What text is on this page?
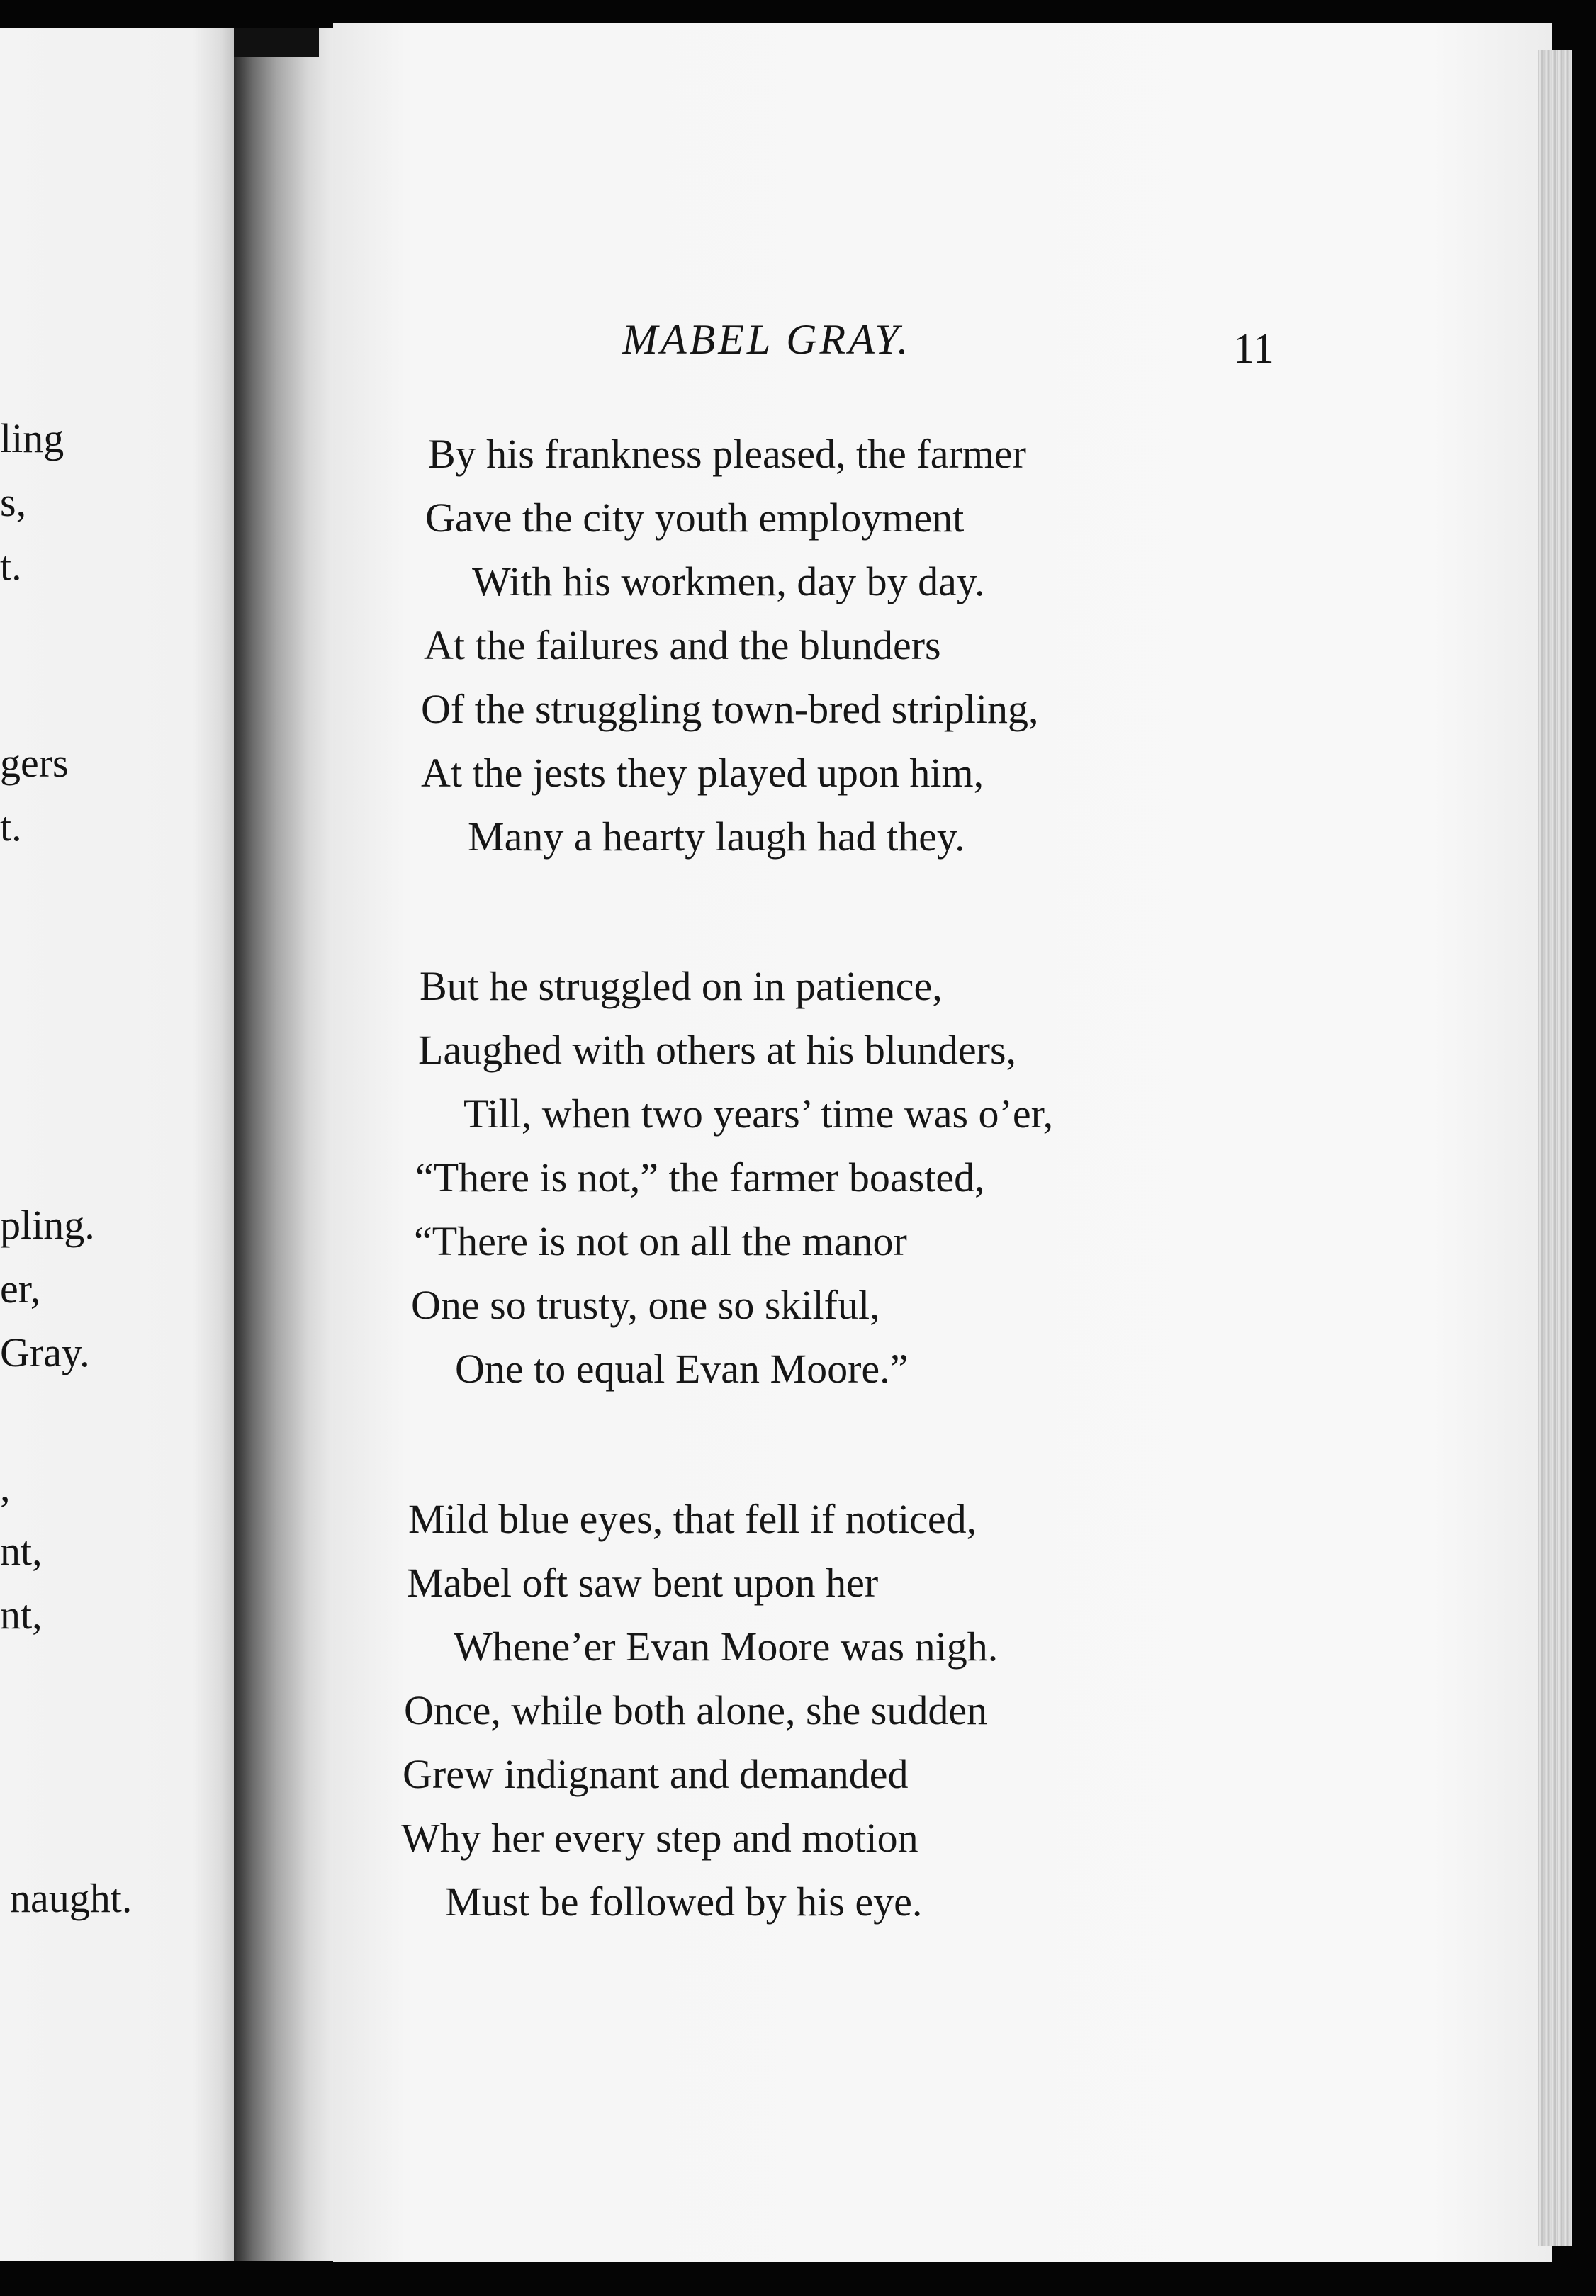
ling
s,
t.
gers
t.
pling.
er,
Gray.
,
nt,
nt,
naught.
MABEL GRAY.	11
By his frankness pleased, the farmer
Gave the city youth employment
With his workmen, day by day.
At the failures and the blunders
Of the struggling town-bred stripling,
At the jests they played upon him,
Many a hearty laugh had they.
But he struggled on in patience,
Laughed with others at his blunders,
Till, when two years’ time was o’er,
“There is not,” the farmer boasted,
“There is not on all the manor
One so trusty, one so skilful,
One to equal Evan Moore.”
Mild blue eyes, that fell if noticed,
Mabel oft saw bent upon her
Whene’er Evan Moore was nigh.
Once, while both alone, she sudden
Grew indignant and demanded
Why her every step and motion
Must be followed by his eye.
